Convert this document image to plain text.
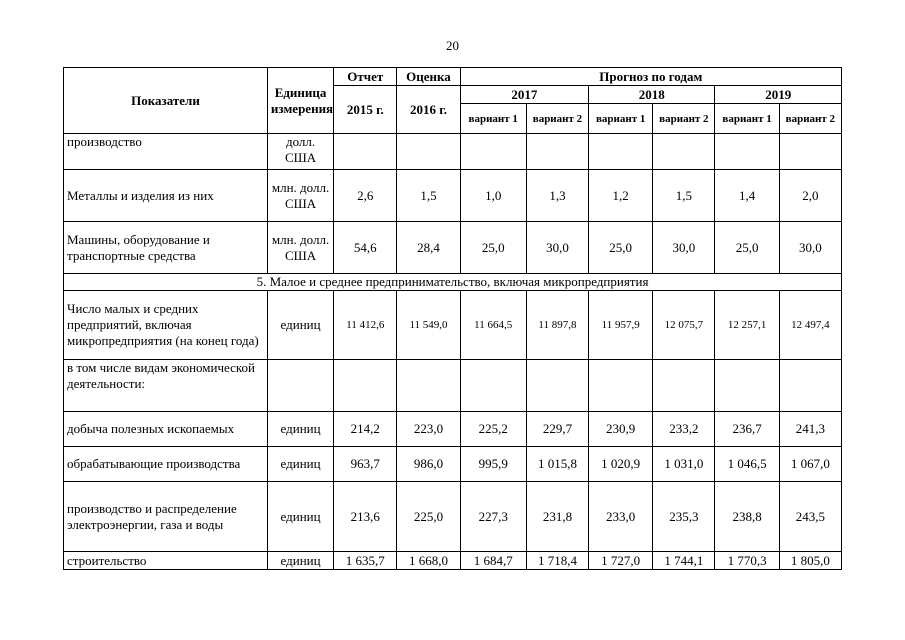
20
Показатели	Единица измерения	Отчет	Оценка	Прогноз по годам					
		2015 г.	2016 г.	2017		2018		2019	
				вариант 1	вариант 2	вариант 1	вариант 2	вариант 1	вариант 2
производство	долл. США								
Металлы и изделия из них	млн. долл. США	2,6	1,5	1,0	1,3	1,2	1,5	1,4	2,0
Машины, оборудование и транспортные средства	млн. долл. США	54,6	28,4	25,0	30,0	25,0	30,0	25,0	30,0
5. Малое и среднее предпринимательство, включая микропредприятия									
Число малых и средних предприятий, включая микропредприятия (на конец года)	единиц	11 412,6	11 549,0	11 664,5	11 897,8	11 957,9	12 075,7	12 257,1	12 497,4
в том числе видам экономической деятельности:									
добыча полезных ископаемых	единиц	214,2	223,0	225,2	229,7	230,9	233,2	236,7	241,3
обрабатывающие производства	единиц	963,7	986,0	995,9	1 015,8	1 020,9	1 031,0	1 046,5	1 067,0
производство и распределение электроэнергии, газа и воды	единиц	213,6	225,0	227,3	231,8	233,0	235,3	238,8	243,5
строительство	единиц	1 635,7	1 668,0	1 684,7	1 718,4	1 727,0	1 744,1	1 770,3	1 805,0
